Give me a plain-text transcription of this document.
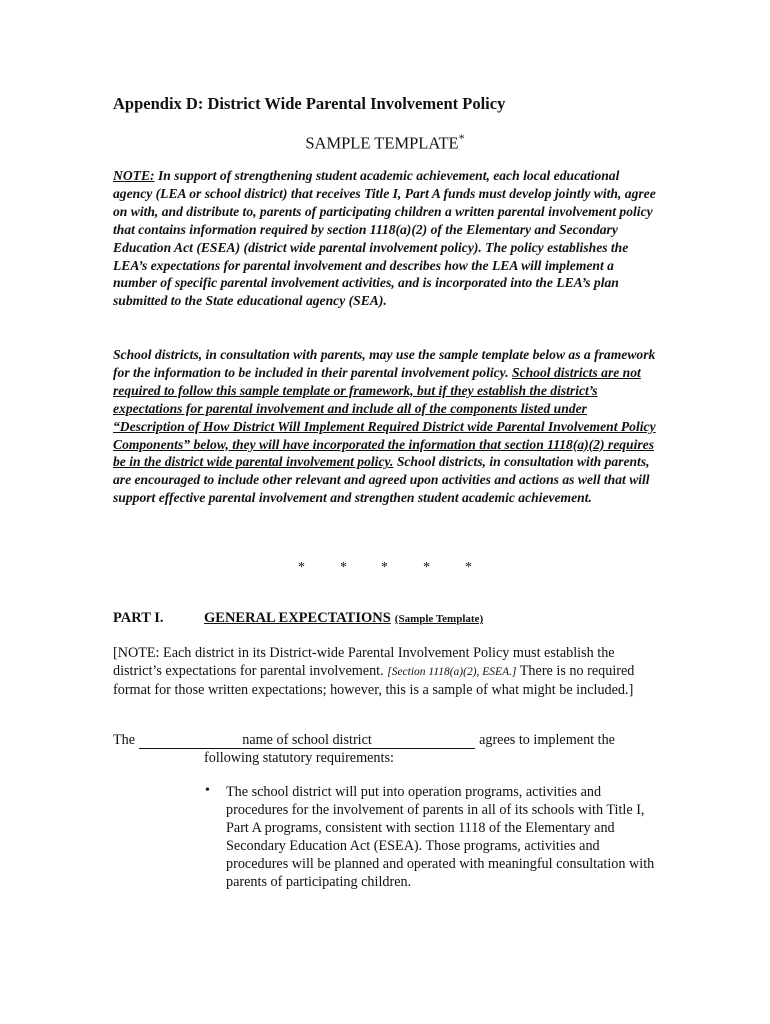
Appendix D: District Wide Parental Involvement Policy
SAMPLE TEMPLATE*
NOTE: In support of strengthening student academic achievement, each local educational agency (LEA or school district) that receives Title I, Part A funds must develop jointly with, agree on with, and distribute to, parents of participating children a written parental involvement policy that contains information required by section 1118(a)(2) of the Elementary and Secondary Education Act (ESEA) (district wide parental involvement policy). The policy establishes the LEA’s expectations for parental involvement and describes how the LEA will implement a number of specific parental involvement activities, and is incorporated into the LEA’s plan submitted to the State educational agency (SEA).
School districts, in consultation with parents, may use the sample template below as a framework for the information to be included in their parental involvement policy. School districts are not required to follow this sample template or framework, but if they establish the district’s expectations for parental involvement and include all of the components listed under “Description of How District Will Implement Required District wide Parental Involvement Policy Components” below, they will have incorporated the information that section 1118(a)(2) requires be in the district wide parental involvement policy. School districts, in consultation with parents, are encouraged to include other relevant and agreed upon activities and actions as well that will support effective parental involvement and strengthen student academic achievement.
*	* *	*	*
PART I.	GENERAL EXPECTATIONS (Sample Template)
[NOTE: Each district in its District-wide Parental Involvement Policy must establish the district’s expectations for parental involvement. [Section 1118(a)(2), ESEA.] There is no required format for those written expectations; however, this is a sample of what might be included.]
The	name of school district	agrees to implement the
following statutory requirements:
• The school district will put into operation programs, activities and procedures for the involvement of parents in all of its schools with Title I, Part A programs, consistent with section 1118 of the Elementary and Secondary Education Act (ESEA). Those programs, activities and procedures will be planned and operated with meaningful consultation with parents of participating children.
